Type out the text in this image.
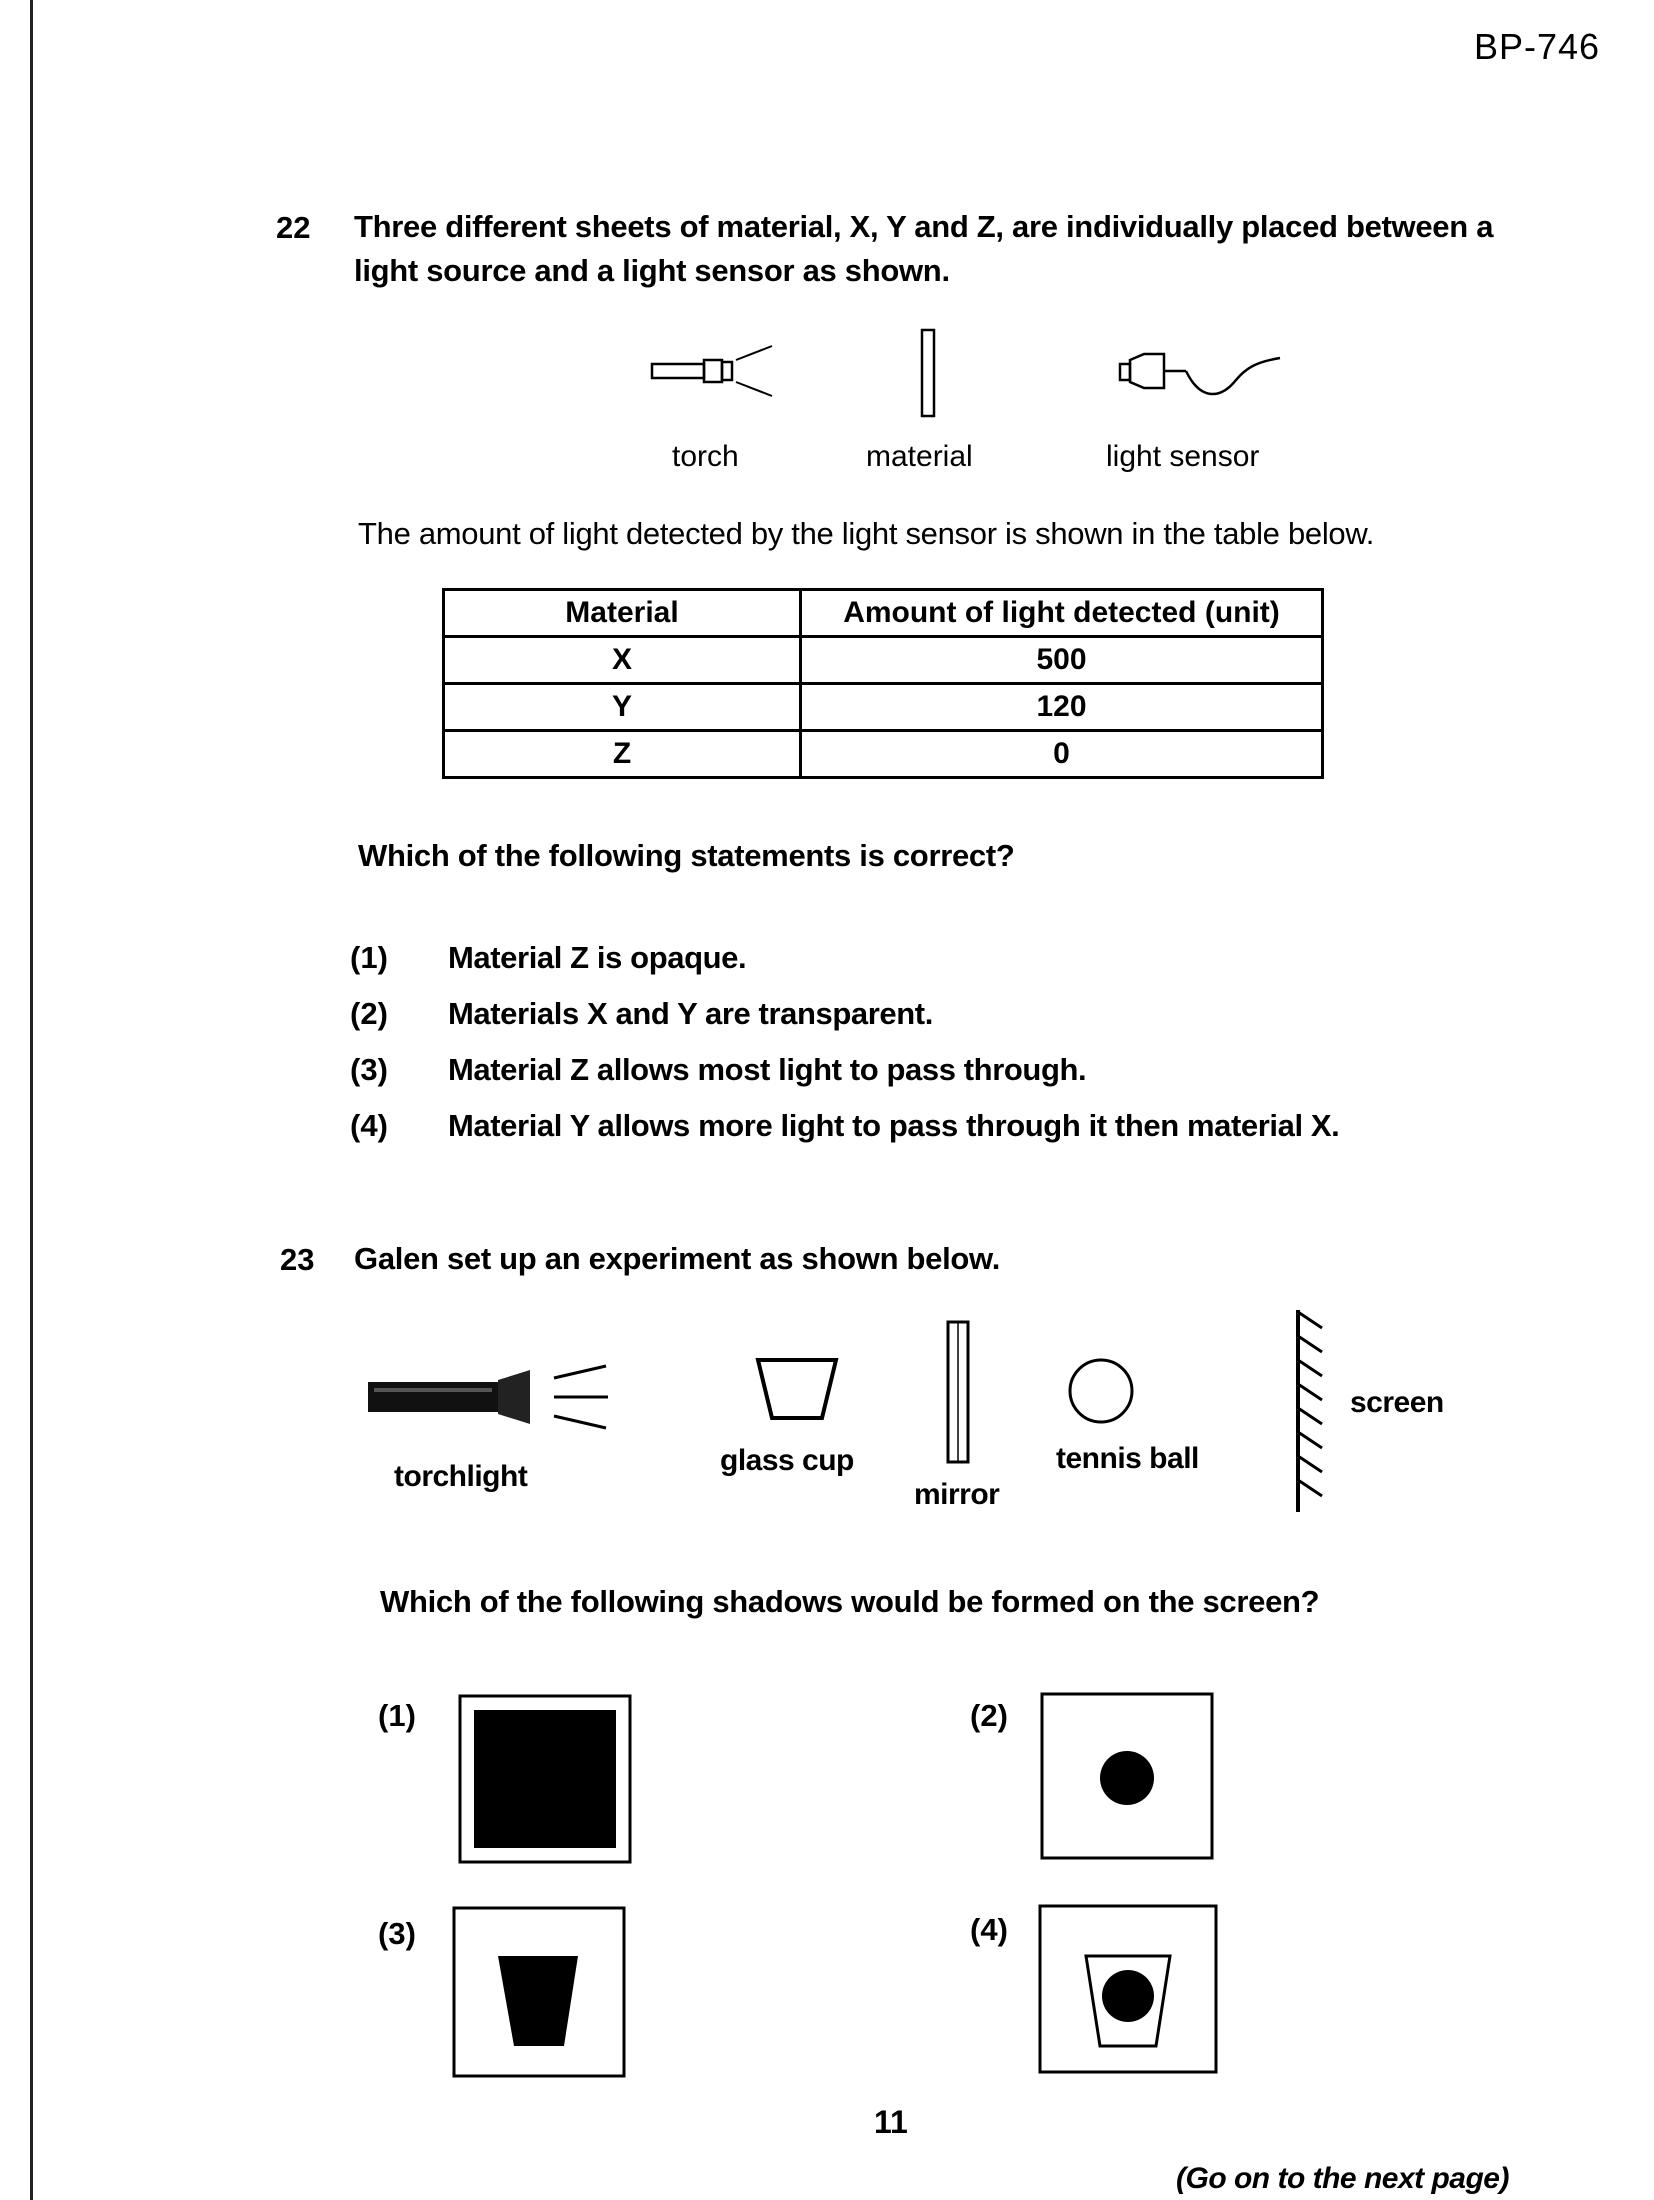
BP-746
22 Three different sheets of material, X, Y and Z, are individually placed between a
light source and a light sensor as shown.
torch	material	light sensor
The amount of light detected by the light sensor is shown in the table below.
Material	Amount of light detected (unit)
X	500
Y	120
Z	0
Which of the following statements is correct?
(1) Material Z is opaque.
(2) Materials X and Y are transparent.
(3) Material Z allows most light to pass through.
(4) Material Y allows more light to pass through it then material X.
23 Galen set up an experiment as shown below.
torchlight	glass cup
mirror
tennis ball
screen
Which of the following shadows would be formed on the screen?
(1)	(2)
(3)	(4)
11
(Go on to the next page)
